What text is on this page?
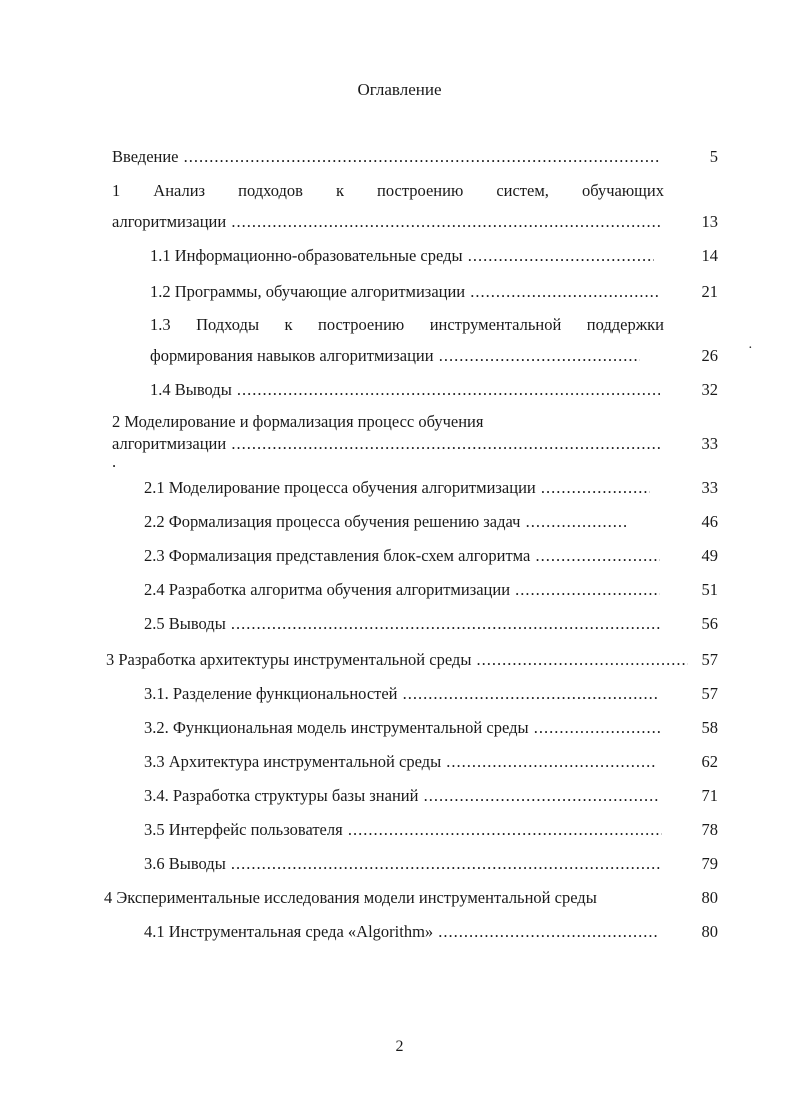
Оглавление
Введение .....	5
1 Анализ подходов к построению систем, обучающих
алгоритмизации .....	13
1.1 Информационно-образовательные среды .....	14
1.2 Программы, обучающие алгоритмизации .....	21
1.3 Подходы к построению инструментальной поддержки
формирования навыков алгоритмизации .....	26 ·
1.4 Выводы .....	32
2 Моделирование и формализация процесс обучения
алгоритмизации .....	33
.
2.1 Моделирование процесса обучения алгоритмизации .....	33
2.2 Формализация процесса обучения решению задач .....	46
2.3 Формализация представления блок-схем алгоритма .....	49
2.4 Разработка алгоритма обучения алгоритмизации .....	51
2.5 Выводы .....	56
3 Разработка архитектуры инструментальной среды .....	57
3.1. Разделение функциональностей .....	57
3.2. Функциональная модель инструментальной среды .....	58
3.3 Архитектура инструментальной среды .....	62
3.4. Разработка структуры базы знаний .....	71
3.5 Интерфейс пользователя .....	78
3.6 Выводы .....	79
4 Экспериментальные исследования модели инструментальной среды	80
4.1 Инструментальная среда «Algorithm» .....	80
2
